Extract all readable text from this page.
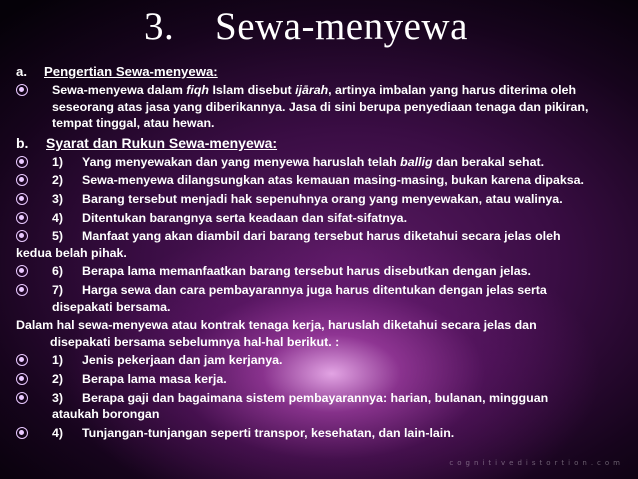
3. Sewa-menyewa
a. Pengertian Sewa-menyewa:
Sewa-menyewa dalam fiqh Islam disebut ijārah, artinya imbalan yang harus diterima oleh
seseorang atas jasa yang diberikannya. Jasa di sini berupa penyediaan tenaga dan pikiran,
tempat tinggal, atau hewan.
b. Syarat dan Rukun Sewa-menyewa:
1) Yang menyewakan dan yang menyewa haruslah telah ballig dan berakal sehat.
2) Sewa-menyewa dilangsungkan atas kemauan masing-masing, bukan karena dipaksa.
3) Barang tersebut menjadi hak sepenuhnya orang yang menyewakan, atau walinya.
4) Ditentukan barangnya serta keadaan dan sifat-sifatnya.
5) Manfaat yang akan diambil dari barang tersebut harus diketahui secara jelas oleh
kedua belah pihak.
6) Berapa lama memanfaatkan barang tersebut harus disebutkan dengan jelas.
7) Harga sewa dan cara pembayarannya juga harus ditentukan dengan jelas serta
disepakati bersama.
Dalam hal sewa-menyewa atau kontrak tenaga kerja, haruslah diketahui secara jelas dan
disepakati bersama sebelumnya hal-hal berikut. :
1) Jenis pekerjaan dan jam kerjanya.
2) Berapa lama masa kerja.
3) Berapa gaji dan bagaimana sistem pembayarannya: harian, bulanan, mingguan
ataukah borongan
4) Tunjangan-tunjangan seperti transpor, kesehatan, dan lain-lain.
cognitivedistortion.com
